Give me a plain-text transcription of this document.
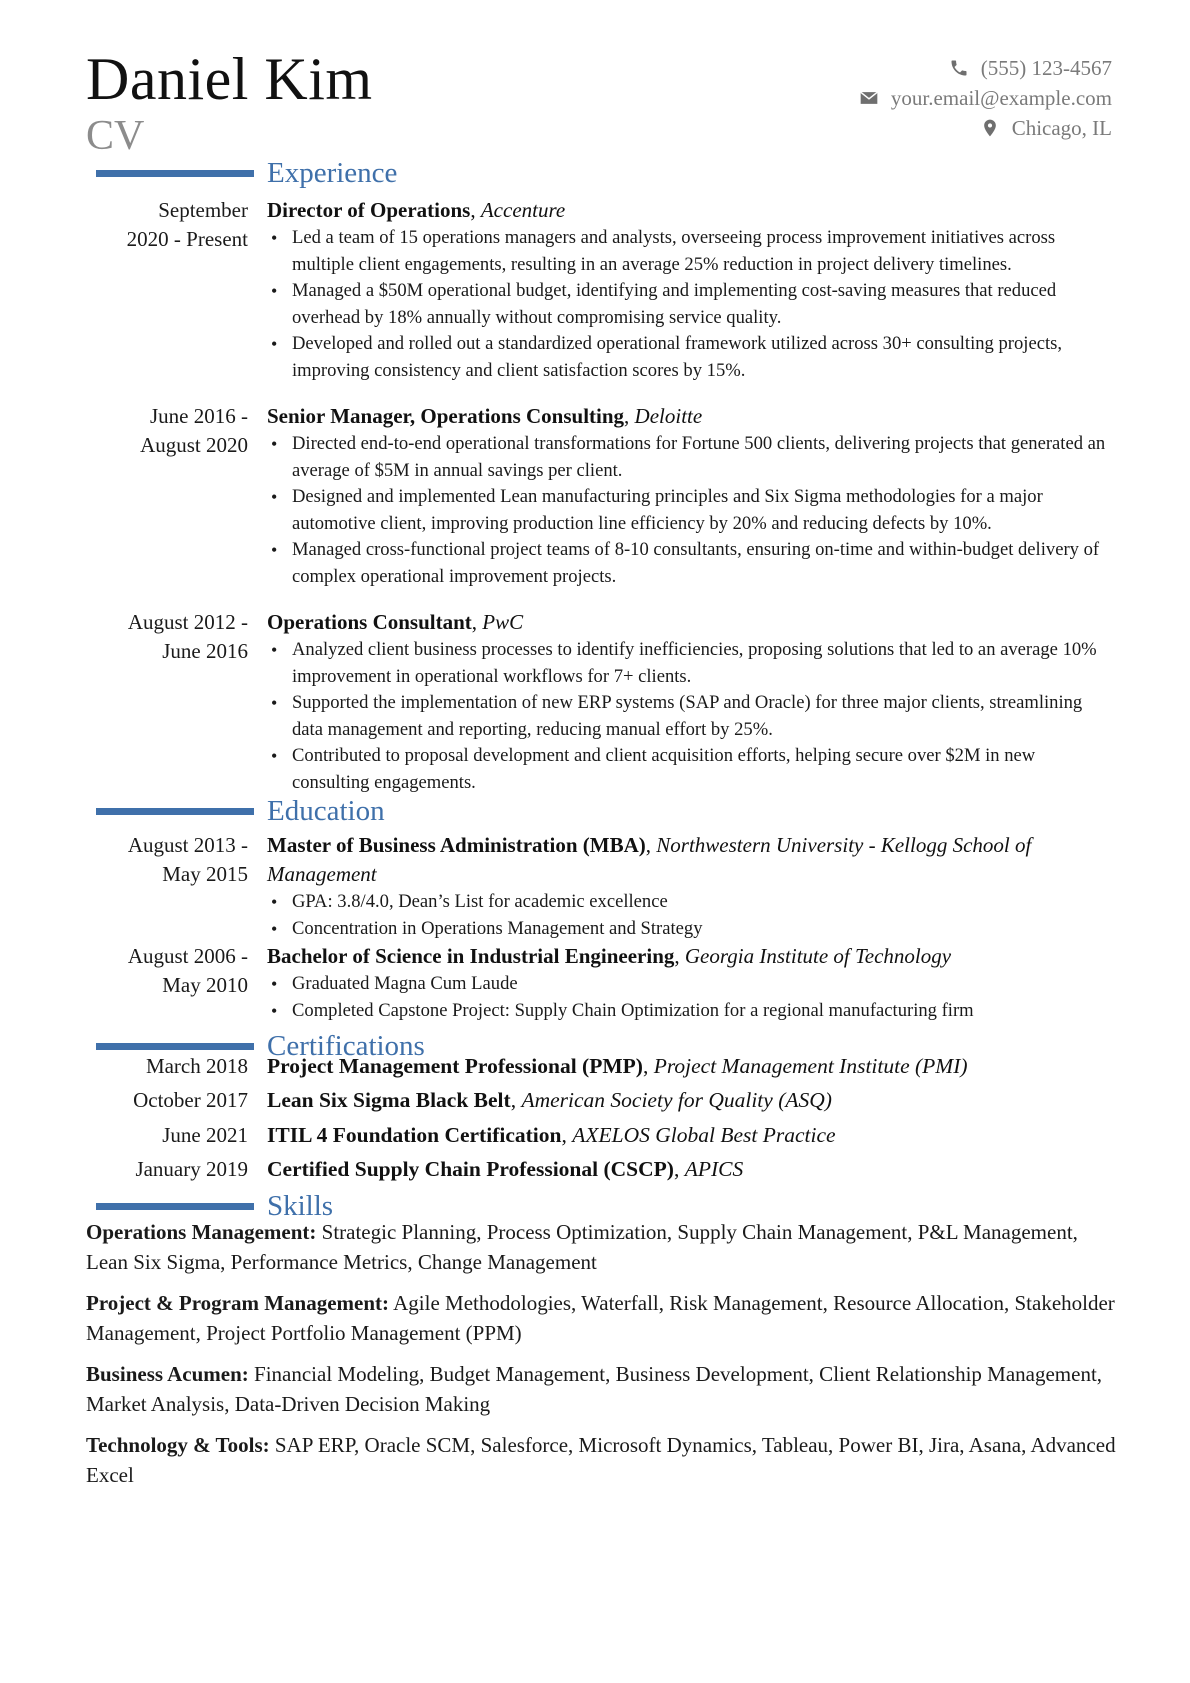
Daniel Kim
CV
(555) 123-4567
your.email@example.com
Chicago, IL
Experience
September
2020 - Present
Director of Operations, Accenture
• Led a team of 15 operations managers and analysts, overseeing process improvement initiatives across multiple client engagements, resulting in an average 25% reduction in project delivery timelines.
• Managed a $50M operational budget, identifying and implementing cost-saving measures that reduced overhead by 18% annually without compromising service quality.
• Developed and rolled out a standardized operational framework utilized across 30+ consulting projects, improving consistency and client satisfaction scores by 15%.
June 2016 -
August 2020
Senior Manager, Operations Consulting, Deloitte
• Directed end-to-end operational transformations for Fortune 500 clients, delivering projects that generated an average of $5M in annual savings per client.
• Designed and implemented Lean manufacturing principles and Six Sigma methodologies for a major automotive client, improving production line efficiency by 20% and reducing defects by 10%.
• Managed cross-functional project teams of 8-10 consultants, ensuring on-time and within-budget delivery of complex operational improvement projects.
August 2012 -
June 2016
Operations Consultant, PwC
• Analyzed client business processes to identify inefficiencies, proposing solutions that led to an average 10% improvement in operational workflows for 7+ clients.
• Supported the implementation of new ERP systems (SAP and Oracle) for three major clients, streamlining data management and reporting, reducing manual effort by 25%.
• Contributed to proposal development and client acquisition efforts, helping secure over $2M in new consulting engagements.
Education
August 2013 -
May 2015
Master of Business Administration (MBA), Northwestern University - Kellogg School of Management
• GPA: 3.8/4.0, Dean’s List for academic excellence
• Concentration in Operations Management and Strategy
August 2006 -
May 2010
Bachelor of Science in Industrial Engineering, Georgia Institute of Technology
• Graduated Magna Cum Laude
• Completed Capstone Project: Supply Chain Optimization for a regional manufacturing firm
Certifications
March 2018 Project Management Professional (PMP), Project Management Institute (PMI)
October 2017 Lean Six Sigma Black Belt, American Society for Quality (ASQ)
June 2021 ITIL 4 Foundation Certification, AXELOS Global Best Practice
January 2019 Certified Supply Chain Professional (CSCP), APICS
Skills
Operations Management: Strategic Planning, Process Optimization, Supply Chain Management, P&L Management, Lean Six Sigma, Performance Metrics, Change Management
Project & Program Management: Agile Methodologies, Waterfall, Risk Management, Resource Allocation, Stakeholder Management, Project Portfolio Management (PPM)
Business Acumen: Financial Modeling, Budget Management, Business Development, Client Relationship Management, Market Analysis, Data-Driven Decision Making
Technology & Tools: SAP ERP, Oracle SCM, Salesforce, Microsoft Dynamics, Tableau, Power BI, Jira, Asana, Advanced Excel
